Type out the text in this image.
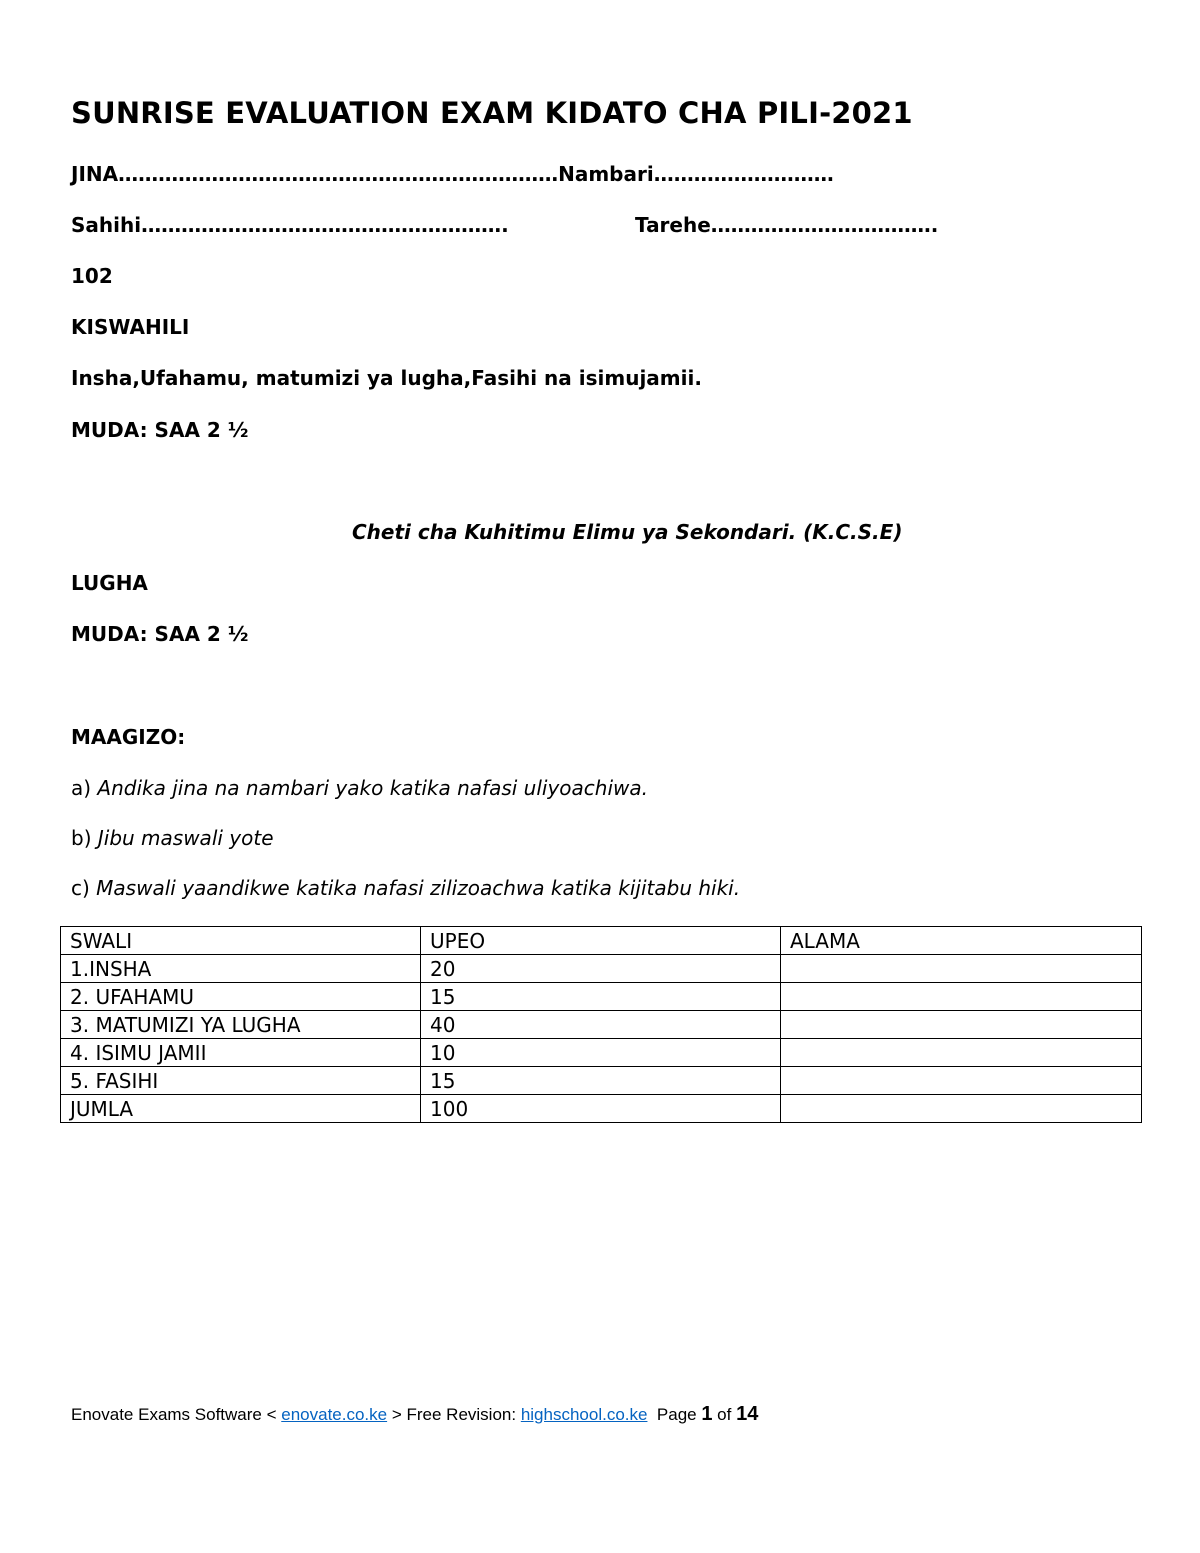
SUNRISE EVALUATION EXAM KIDATO CHA PILI-2021
JINA…………………………………………………………Nambari………………………
Sahihi……………………………………………….	Tarehe…………………………….
102
KISWAHILI
Insha,Ufahamu, matumizi ya lugha,Fasihi na isimujamii.
MUDA: SAA 2 ½
Cheti cha Kuhitimu Elimu ya Sekondari. (K.C.S.E)
LUGHA
MUDA: SAA 2 ½
MAAGIZO:
a) Andika jina na nambari yako katika nafasi uliyoachiwa.
b) Jibu maswali yote
c) Maswali yaandikwe katika nafasi zilizoachwa katika kijitabu hiki.
SWALI	UPEO	ALAMA
1.INSHA	20	
2. UFAHAMU	15	
3. MATUMIZI YA LUGHA	40	
4. ISIMU JAMII	10	
5. FASIHI	15	
JUMLA	100	
Enovate Exams Software < enovate.co.ke > Free Revision: highschool.co.ke  Page 1 of 14
